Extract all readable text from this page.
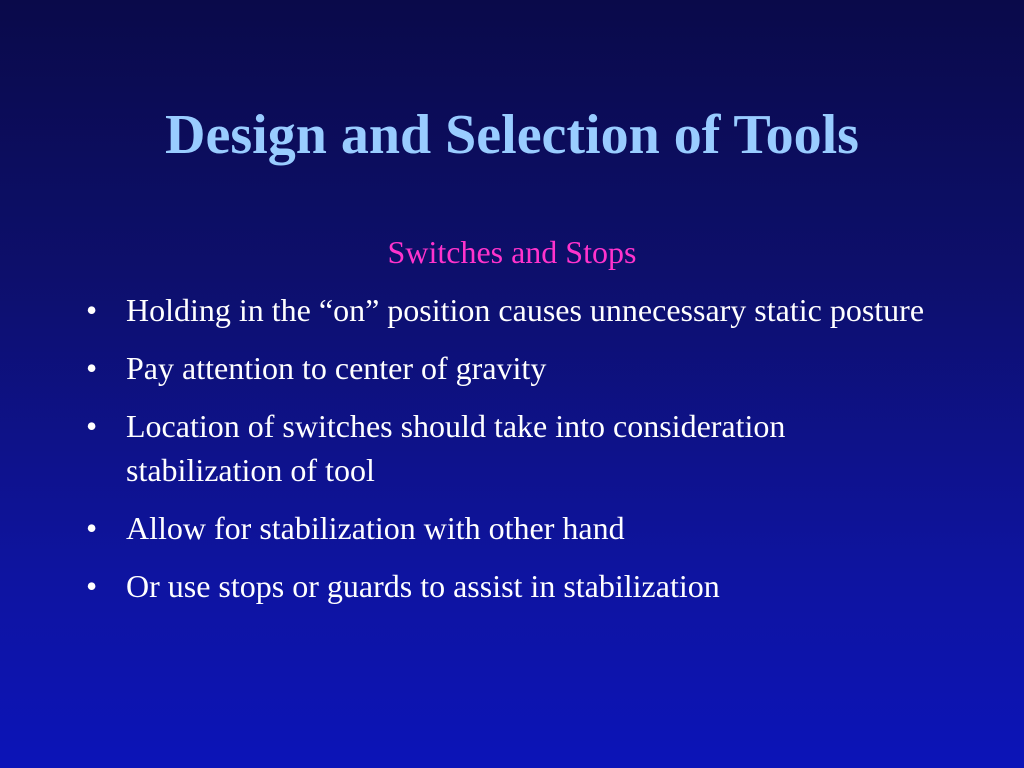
Design and Selection of Tools
Switches and Stops
• Holding in the “on” position causes unnecessary static posture
• Pay attention to center of gravity
• Location of switches should take into consideration stabilization of tool
• Allow for stabilization with other hand
• Or use stops or guards to assist in stabilization
